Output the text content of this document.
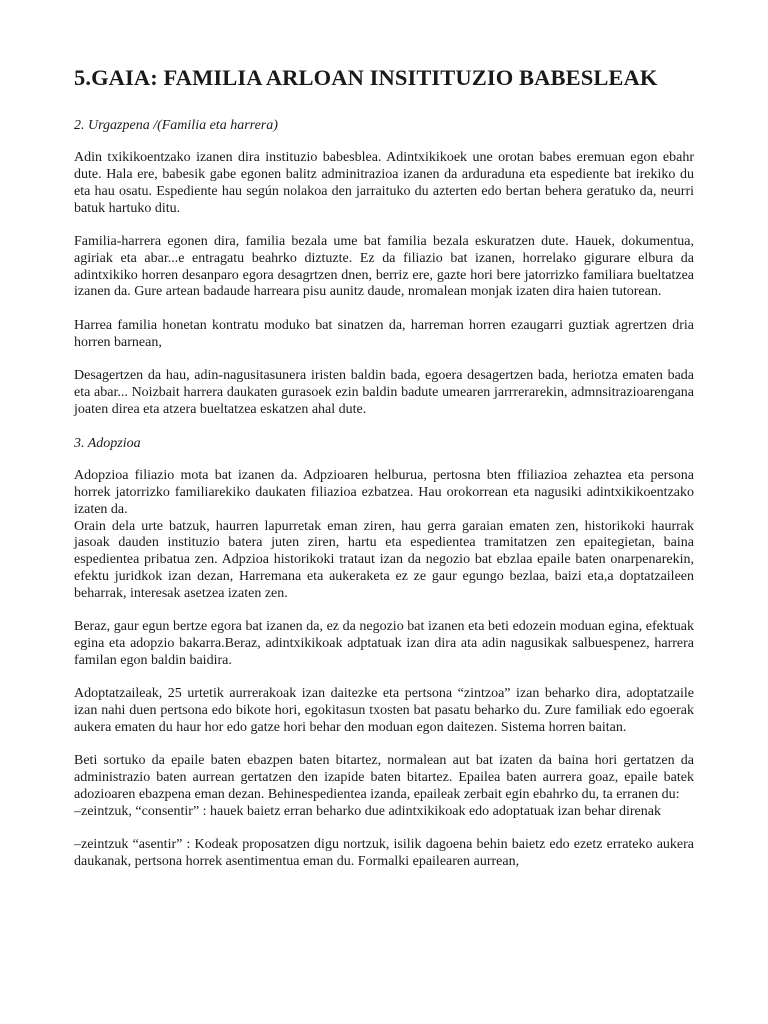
5.GAIA: FAMILIA ARLOAN INSITITUZIO BABESLEAK
2. Urgazpena /(Familia eta harrera)

Adin txikikoentzako izanen dira instituzio babesblea. Adintxikikoek une orotan babes eremuan egon ebahr dute. Hala ere, babesik gabe egonen balitz adminitrazioa izanen da arduraduna eta espediente bat irekiko du eta hau osatu. Espediente hau según nolakoa den jarraituko du azterten edo bertan behera geratuko da, neurri batuk hartuko ditu.

Familia-harrera egonen dira, familia bezala ume bat familia bezala eskuratzen dute. Hauek, dokumentua, agiriak eta abar...e entragatu beahrko diztuzte. Ez da filiazio bat izanen, horrelako gigurare elbura da adintxikiko horren desanparo egora desagrtzen dnen, berriz ere, gazte hori bere jatorrizko familiara bueltatzea izanen da. Gure artean badaude harreara pisu aunitz daude, nromalean monjak izaten dira haien tutorean.

Harrea familia honetan kontratu moduko bat sinatzen da, harreman horren ezaugarri guztiak agrertzen dria horren barnean,

Desagertzen da hau, adin-nagusitasunera iristen baldin bada, egoera desagertzen bada, heriotza ematen bada eta abar... Noizbait harrera daukaten gurasoek ezin baldin badute umearen jarrrerarekin, admnsitrazioarengana joaten direa eta atzera bueltatzea eskatzen ahal dute.

3. Adopzioa

Adopzioa filiazio mota bat izanen da. Adpzioaren helburua, pertosna bten ffiliazioa zehaztea eta persona horrek jatorrizko familiarekiko daukaten filiazioa ezbatzea. Hau orokorrean eta nagusiki adintxikikoentzako izaten da.
Orain dela urte batzuk, haurren lapurretak eman ziren, hau gerra garaian ematen zen, historikoki haurrak jasoak dauden instituzio batera juten ziren, hartu eta espedientea tramitatzen zen epaitegietan, baina espedientea pribatua zen. Adpzioa historikoki trataut izan da negozio bat ebzlaa epaile baten onarpenarekin, efektu juridkok izan dezan, Harremana eta aukeraketa ez ze gaur egungo bezlaa, baizi eta,a doptatzaileen beharrak, interesak asetzea izaten zen.

Beraz, gaur egun bertze egora bat izanen da, ez da negozio bat izanen eta beti edozein moduan egina, efektuak egina eta adopzio bakarra.Beraz, adintxikikoak adptatuak izan dira ata adin nagusikak salbuespenez, harrera familan egon baldin baidira.

Adoptatzaileak, 25 urtetik aurrerakoak izan daitezke eta pertsona “zintzoa” izan beharko dira, adoptatzaile izan nahi duen pertsona edo bikote hori, egokitasun txosten bat pasatu beharko du. Zure familiak edo egoerak aukera ematen du haur hor edo gatze hori behar den moduan egon daitezen. Sistema horren baitan.

Beti sortuko da epaile baten ebazpen baten bitartez, normalean aut bat izaten da baina hori gertatzen da administrazio baten aurrean gertatzen den izapide baten bitartez. Epailea baten aurrera goaz, epaile batek adozioaren ebazpena eman dezan. Behinespedientea izanda, epaileak zerbait egin ebahrko du, ta erranen du:
–zeintzuk, “consentir” : hauek baietz erran beharko due adintxikikoak edo adoptatuak izan behar direnak

–zeintzuk “asentir” : Kodeak proposatzen digu nortzuk, isilik dagoena behin baietz edo ezetz errateko aukera daukanak, pertsona horrek asentimentua eman du. Formalki epailearen aurrean,
